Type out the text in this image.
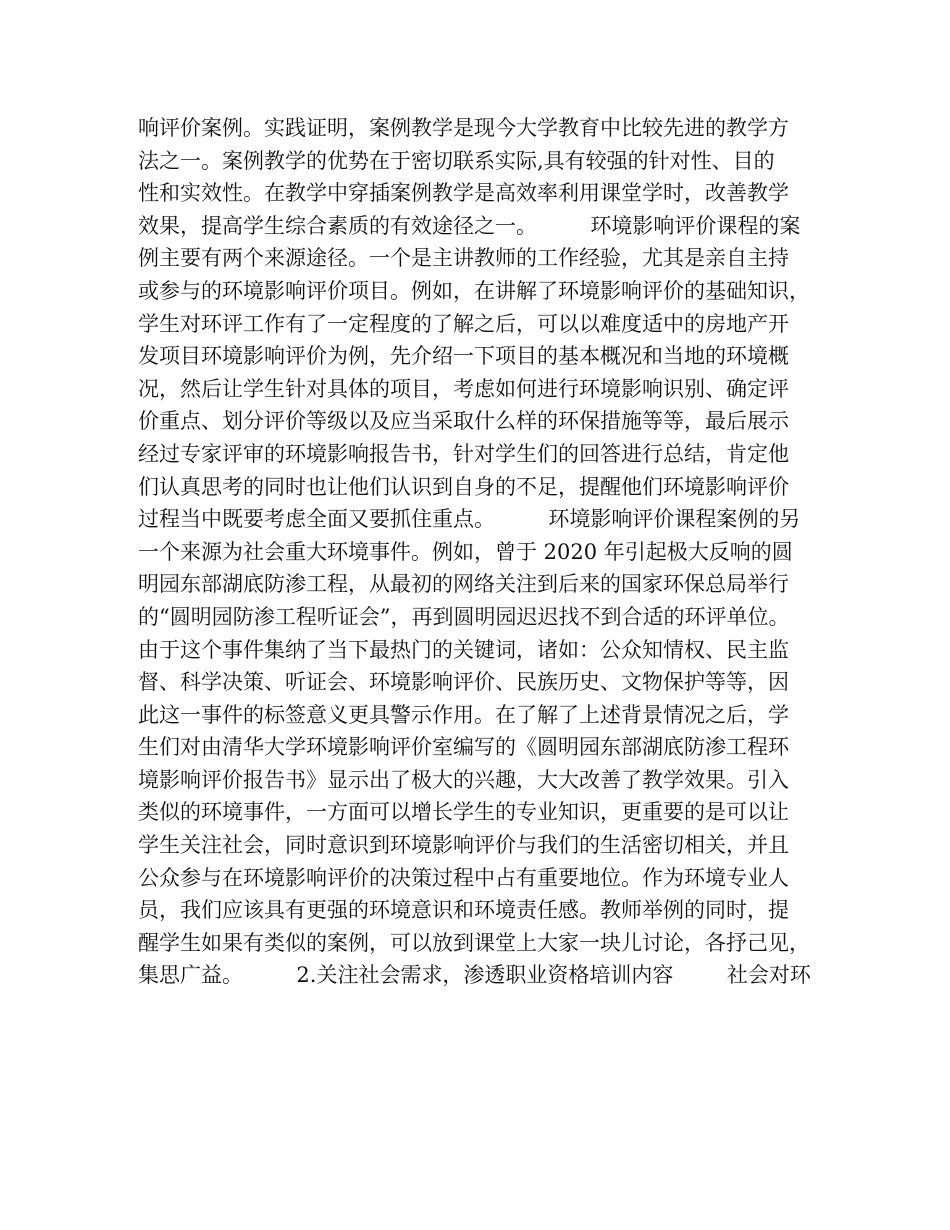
响评价案例。实践证明，案例教学是现今大学教育中比较先进的教学方
法之一。案例教学的优势在于密切联系实际,具有较强的针对性、目的
性和实效性。在教学中穿插案例教学是高效率利用课堂学时，改善教学
效果，提高学生综合素质的有效途径之一。        环境影响评价课程的案
例主要有两个来源途径。一个是主讲教师的工作经验，尤其是亲自主持
或参与的环境影响评价项目。例如，在讲解了环境影响评价的基础知识，
学生对环评工作有了一定程度的了解之后，可以以难度适中的房地产开
发项目环境影响评价为例，先介绍一下项目的基本概况和当地的环境概
况，然后让学生针对具体的项目，考虑如何进行环境影响识别、确定评
价重点、划分评价等级以及应当采取什么样的环保措施等等，最后展示
经过专家评审的环境影响报告书，针对学生们的回答进行总结，肯定他
们认真思考的同时也让他们认识到自身的不足，提醒他们环境影响评价
过程当中既要考虑全面又要抓住重点。        环境影响评价课程案例的另
一个来源为社会重大环境事件。例如，曾于 2020 年引起极大反响的圆
明园东部湖底防渗工程，从最初的网络关注到后来的国家环保总局举行
的“圆明园防渗工程听证会”，再到圆明园迟迟找不到合适的环评单位。
由于这个事件集纳了当下最热门的关键词，诸如：公众知情权、民主监
督、科学决策、听证会、环境影响评价、民族历史、文物保护等等，因
此这一事件的标签意义更具警示作用。在了解了上述背景情况之后，学
生们对由清华大学环境影响评价室编写的《圆明园东部湖底防渗工程环
境影响评价报告书》显示出了极大的兴趣，大大改善了教学效果。引入
类似的环境事件，一方面可以增长学生的专业知识，更重要的是可以让
学生关注社会，同时意识到环境影响评价与我们的生活密切相关，并且
公众参与在环境影响评价的决策过程中占有重要地位。作为环境专业人
员，我们应该具有更强的环境意识和环境责任感。教师举例的同时，提
醒学生如果有类似的案例，可以放到课堂上大家一块儿讨论，各抒己见，
集思广益。        2.关注社会需求，渗透职业资格培训内容        社会对环
